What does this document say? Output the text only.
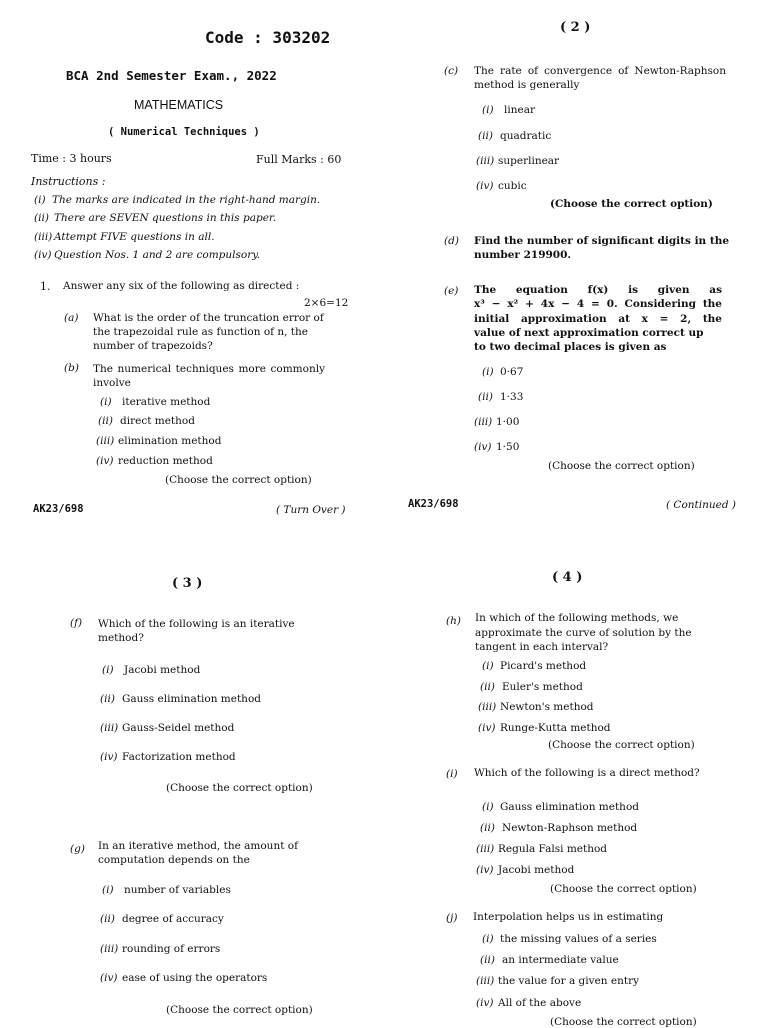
Code : 303202
BCA 2nd Semester Exam., 2022
MATHEMATICS
( Numerical Techniques )
Time : 3 hours	Full Marks : 60
Instructions :
(i) The marks are indicated in the right-hand margin.
(ii) There are SEVEN questions in this paper.
(iii) Attempt FIVE questions in all.
(iv) Question Nos. 1 and 2 are compulsory.
1. Answer any six of the following as directed :
2×6=12
(a) What is the order of the truncation error of the trapezoidal rule as function of n, the number of trapezoids?
(b) The numerical techniques more commonly involve
(i) iterative method
(ii) direct method
(iii) elimination method
(iv) reduction method
(Choose the correct option)
AK23/698	( Turn Over )
( 2 )
(c) The rate of convergence of Newton-Raphson method is generally
(i) linear
(ii) quadratic
(iii) superlinear
(iv) cubic
(Choose the correct option)
(d) Find the number of significant digits in the number 219900.
(e) The equation f(x) is given as
x³ − x² + 4x − 4 = 0. Considering the
initial approximation at x = 2, the
value of next approximation correct up
to two decimal places is given as
(i) 0·67
(ii) 1·33
(iii) 1·00
(iv) 1·50
(Choose the correct option)
AK23/698	( Continued )
( 3 )
(f) Which of the following is an iterative method?
(i) Jacobi method
(ii) Gauss elimination method
(iii) Gauss-Seidel method
(iv) Factorization method
(Choose the correct option)
(g) In an iterative method, the amount of computation depends on the
(i) number of variables
(ii) degree of accuracy
(iii) rounding of errors
(iv) ease of using the operators
(Choose the correct option)
( 4 )
(h) In which of the following methods, we approximate the curve of solution by the tangent in each interval?
(i) Picard's method
(ii) Euler's method
(iii) Newton's method
(iv) Runge-Kutta method
(Choose the correct option)
(i) Which of the following is a direct method?
(i) Gauss elimination method
(ii) Newton-Raphson method
(iii) Regula Falsi method
(iv) Jacobi method
(Choose the correct option)
(j) Interpolation helps us in estimating
(i) the missing values of a series
(ii) an intermediate value
(iii) the value for a given entry
(iv) All of the above
(Choose the correct option)
